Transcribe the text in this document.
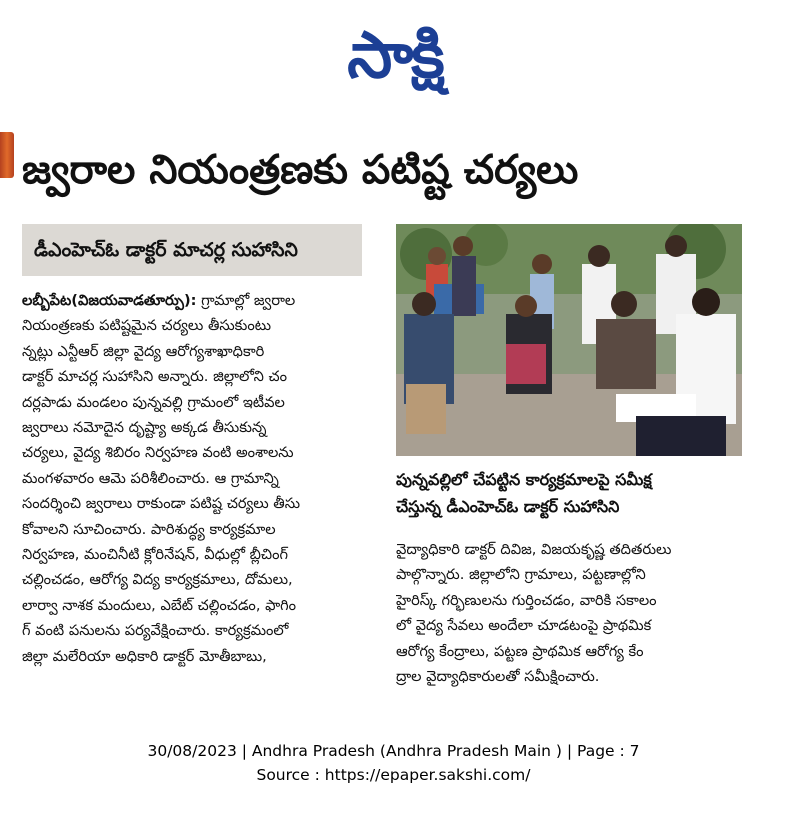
సాక్షి
జ్వరాల నియంత్రణకు పటిష్ట చర్యలు
డీఎంహెచ్‌ఓ డాక్టర్‌ మాచర్ల సుహాసిని
లబ్బీపేట(విజయవాడతూర్పు): గ్రామాల్లో జ్వరాల
నియంత్రణకు పటిష్టమైన చర్యలు తీసుకుంటు
న్నట్లు ఎన్టీఆర్‌ జిల్లా వైద్య ఆరోగ్యశాఖాధికారి
డాక్టర్‌ మాచర్ల సుహాసిని అన్నారు. జిల్లాలోని చం
దర్లపాడు మండలం పున్నవల్లి గ్రామంలో ఇటీవల
జ్వరాలు నమోదైన దృష్ట్యా అక్కడ తీసుకున్న
చర్యలు, వైద్య శిబిరం నిర్వహణ వంటి అంశాలను
మంగళవారం ఆమె పరిశీలించారు. ఆ గ్రామాన్ని
సందర్శించి జ్వరాలు రాకుండా పటిష్ట చర్యలు తీసు
కోవాలని సూచించారు. పారిశుద్ధ్య కార్యక్రమాల
నిర్వహణ, మంచినీటి క్లోరినేషన్‌, వీధుల్లో బ్లీచింగ్‌
చల్లించడం, ఆరోగ్య విద్య కార్యక్రమాలు, దోమలు,
లార్వా నాశక మందులు, ఎబేట్‌ చల్లించడం, ఫాగిం
గ్‌ వంటి పనులను పర్యవేక్షించారు. కార్యక్రమంలో
జిల్లా మలేరియా అధికారి డాక్టర్‌ మోతీబాబు,
పున్నవల్లిలో చేపట్టిన కార్యక్రమాలపై సమీక్ష
చేస్తున్న డీఎంహెచ్‌ఓ డాక్టర్‌ సుహాసిని
వైద్యాధికారి డాక్టర్‌ దివిజ, విజయకృష్ణ తదితరులు
పాల్గొన్నారు. జిల్లాలోని గ్రామాలు, పట్టణాల్లోని
హైరిస్క్‌ గర్భిణులను గుర్తించడం, వారికి సకాలం
లో వైద్య సేవలు అందేలా చూడటంపై ప్రాథమిక
ఆరోగ్య కేంద్రాలు, పట్టణ ప్రాథమిక ఆరోగ్య కేం
ద్రాల వైద్యాధికారులతో సమీక్షించారు.
30/08/2023 | Andhra Pradesh (Andhra Pradesh Main ) | Page : 7
Source : https://epaper.sakshi.com/
